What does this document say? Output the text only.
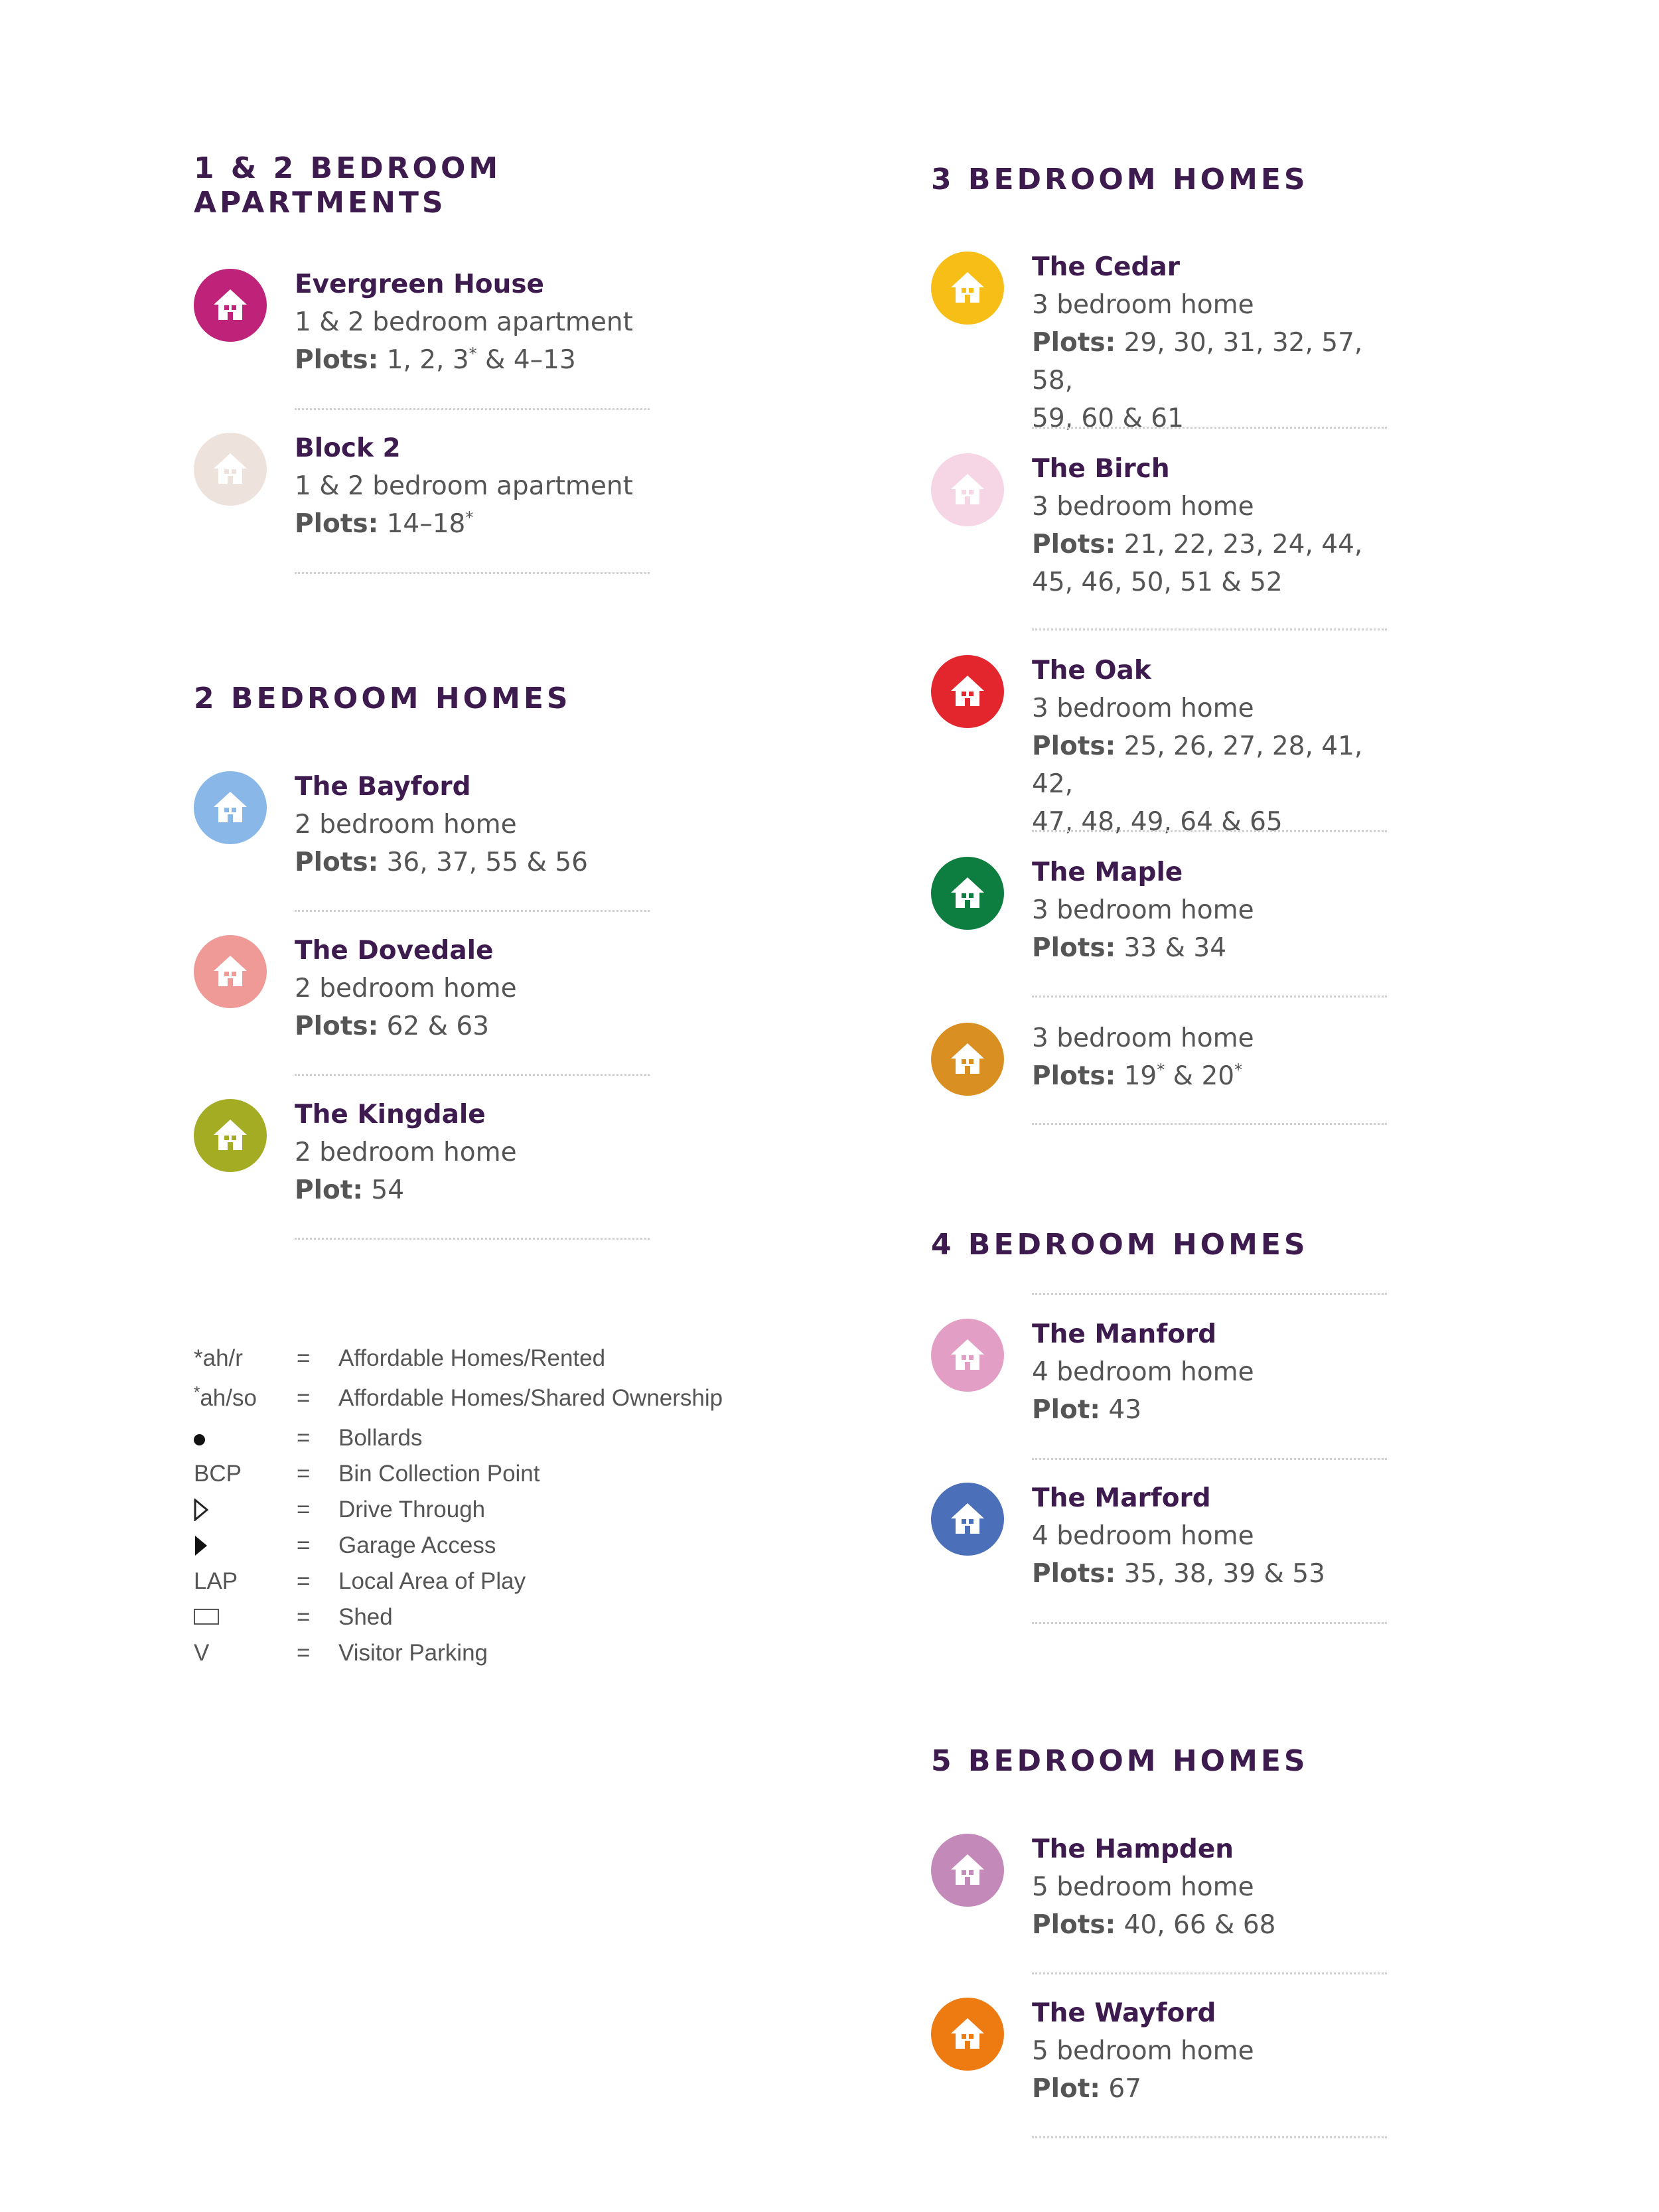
1 & 2 BEDROOM
APARTMENTS
Evergreen House
1 & 2 bedroom apartment
Plots: 1, 2, 3* & 4–13
Block 2
1 & 2 bedroom apartment
Plots: 14–18*
2 BEDROOM HOMES
The Bayford
2 bedroom home
Plots: 36, 37, 55 & 56
The Dovedale
2 bedroom home
Plots: 62 & 63
The Kingdale
2 bedroom home
Plot: 54
*ah/r = Affordable Homes/Rented
*ah/so = Affordable Homes/Shared Ownership
= Bollards
BCP = Bin Collection Point
= Drive Through
= Garage Access
LAP	= Local Area of Play
= Shed
V	= Visitor Parking
3 BEDROOM HOMES
The Cedar
3 bedroom home
Plots: 29, 30, 31, 32, 57, 58,
59, 60 & 61
The Birch
3 bedroom home
Plots: 21, 22, 23, 24, 44,
45, 46, 50, 51 & 52
The Oak
3 bedroom home
Plots: 25, 26, 27, 28, 41, 42,
47, 48, 49, 64 & 65
The Maple
3 bedroom home
Plots: 33 & 34
3 bedroom home
Plots: 19* & 20*
4 BEDROOM HOMES
The Manford
4 bedroom home
Plot: 43
The Marford
4 bedroom home
Plots: 35, 38, 39 & 53
5 BEDROOM HOMES
The Hampden
5 bedroom home
Plots: 40, 66 & 68
The Wayford
5 bedroom home
Plot: 67
